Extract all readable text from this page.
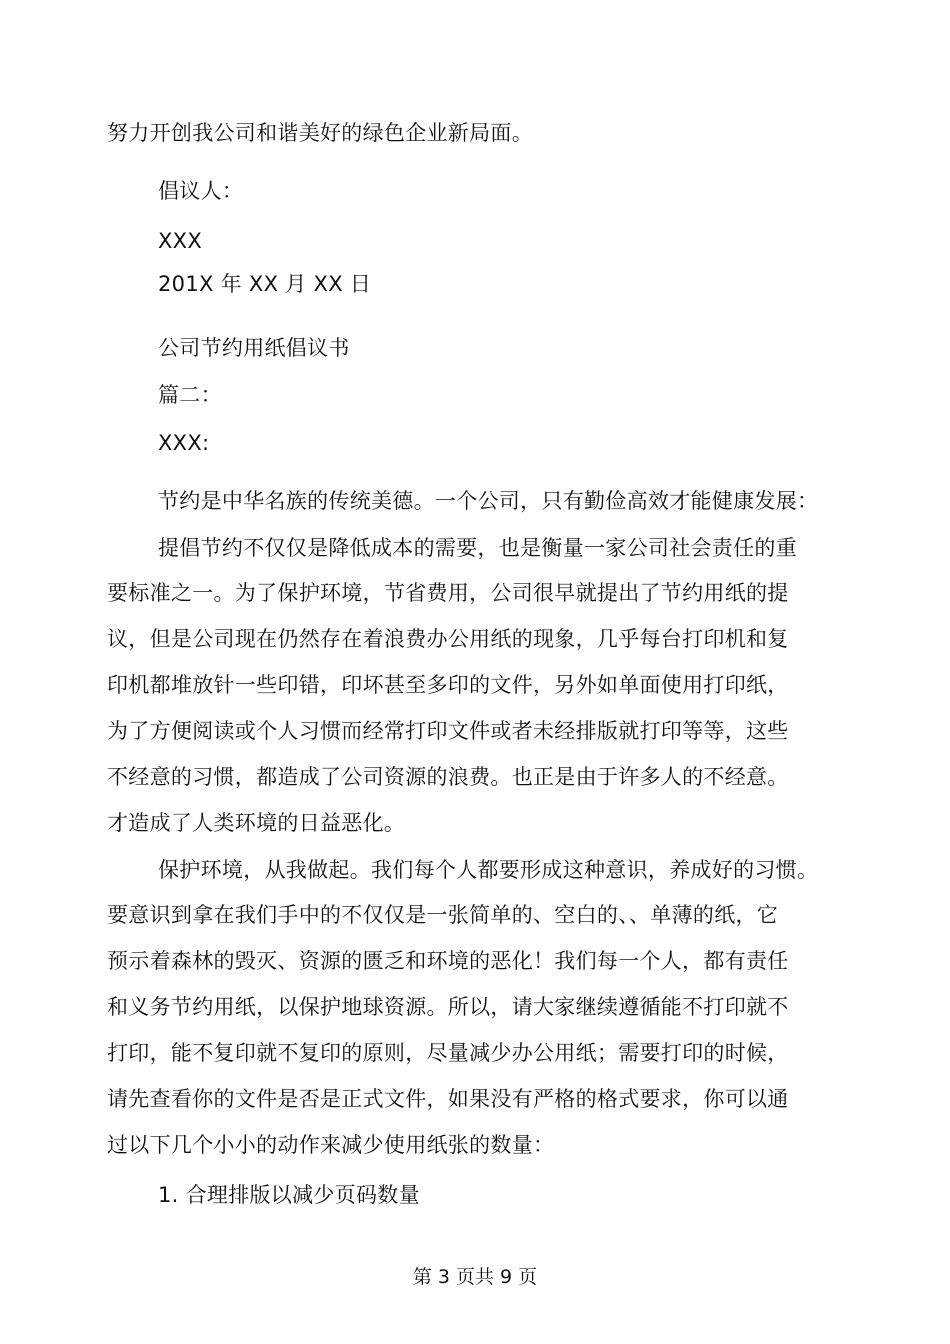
努力开创我公司和谐美好的绿色企业新局面。
倡议人：
XXX
201X 年 XX 月 XX 日
公司节约用纸倡议书
篇二：
XXX:
节约是中华名族的传统美德。一个公司，只有勤俭高效才能健康发展：
提倡节约不仅仅是降低成本的需要，也是衡量一家公司社会责任的重
要标准之一。为了保护环境，节省费用，公司很早就提出了节约用纸的提
议，但是公司现在仍然存在着浪费办公用纸的现象，几乎每台打印机和复
印机都堆放针一些印错，印坏甚至多印的文件，另外如单面使用打印纸，
为了方便阅读或个人习惯而经常打印文件或者未经排版就打印等等，这些
不经意的习惯，都造成了公司资源的浪费。也正是由于许多人的不经意。
才造成了人类环境的日益恶化。
保护环境，从我做起。我们每个人都要形成这种意识，养成好的习惯。
要意识到拿在我们手中的不仅仅是一张简单的、空白的、、单薄的纸，它
预示着森林的毁灭、资源的匮乏和环境的恶化！我们每一个人，都有责任
和义务节约用纸，以保护地球资源。所以，请大家继续遵循能不打印就不
打印，能不复印就不复印的原则，尽量减少办公用纸；需要打印的时候，
请先查看你的文件是否是正式文件，如果没有严格的格式要求，你可以通
过以下几个小小的动作来减少使用纸张的数量：
1. 合理排版以减少页码数量
第 3 页共 9 页
